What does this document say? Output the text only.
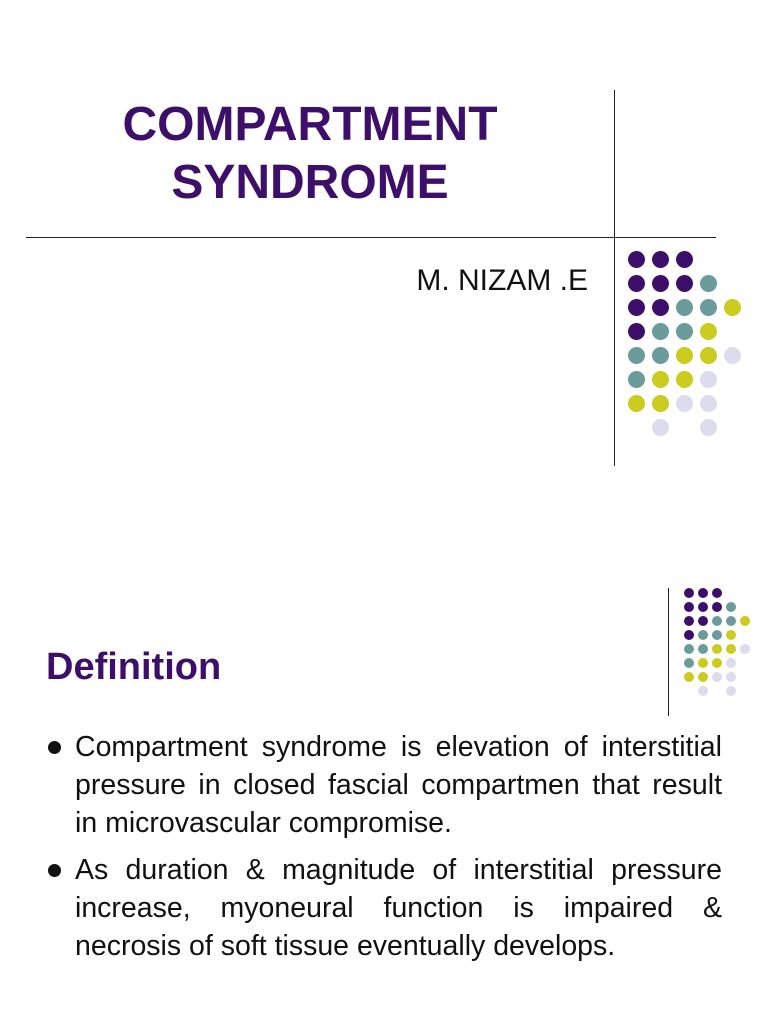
COMPARTMENT
SYNDROME
M. NIZAM .E
Definition
Compartment syndrome is elevation of interstitial pressure in closed fascial compartmen that result in microvascular compromise.
As duration & magnitude of interstitial pressure increase, myoneural function is impaired & necrosis of soft tissue eventually develops.
